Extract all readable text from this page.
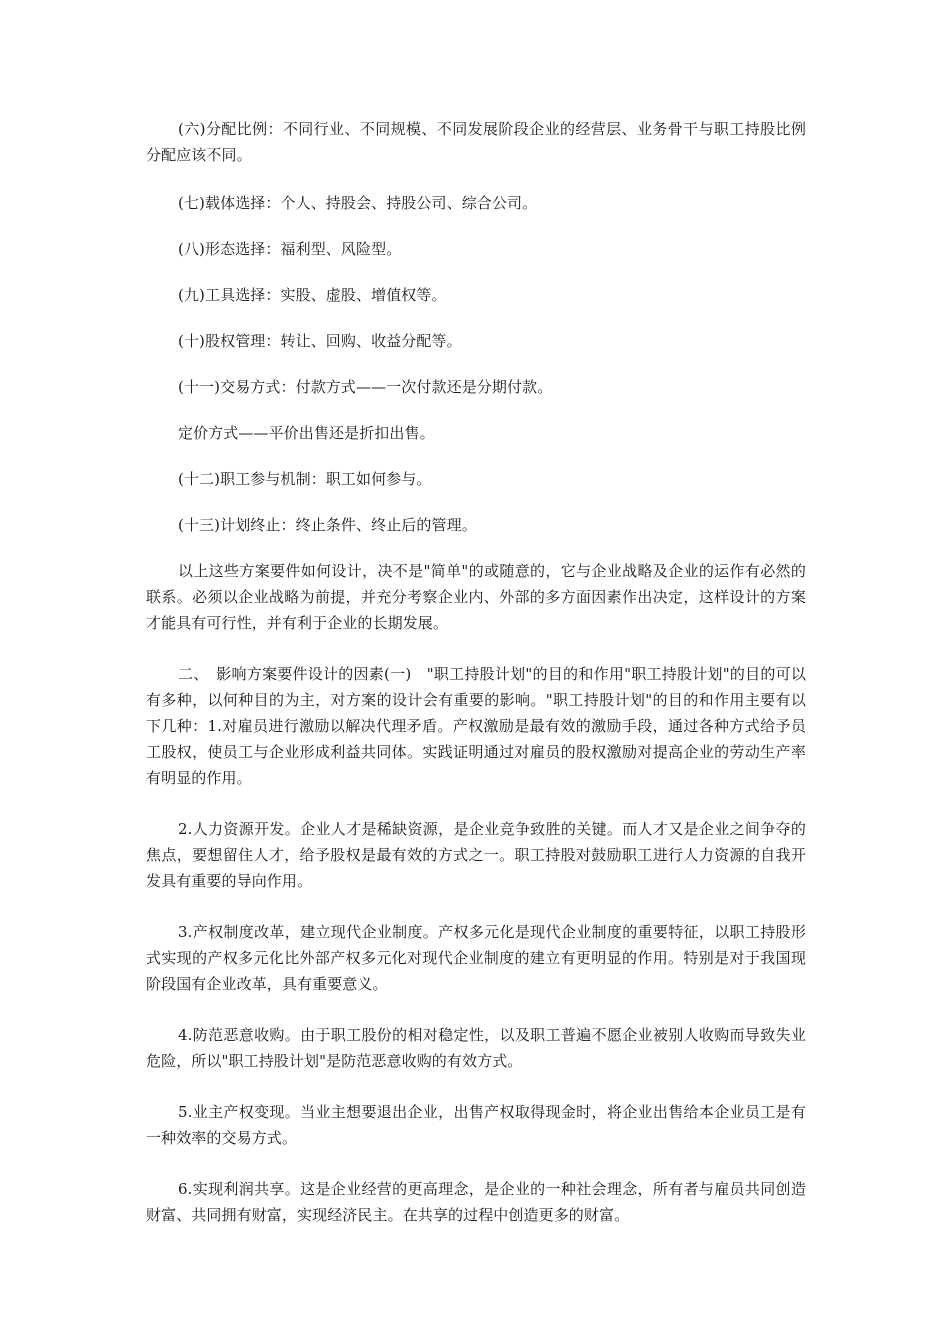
(六)分配比例：不同行业、不同规模、不同发展阶段企业的经营层、业务骨干与职工持股比例分配应该不同。

(七)载体选择：个人、持股会、持股公司、综合公司。

(八)形态选择：福利型、风险型。

(九)工具选择：实股、虚股、增值权等。

(十)股权管理：转让、回购、收益分配等。

(十一)交易方式：付款方式——一次付款还是分期付款。

定价方式——平价出售还是折扣出售。

(十二)职工参与机制：职工如何参与。

(十三)计划终止：终止条件、终止后的管理。

以上这些方案要件如何设计，决不是"简单"的或随意的，它与企业战略及企业的运作有必然的联系。必须以企业战略为前提，并充分考察企业内、外部的多方面因素作出决定，这样设计的方案才能具有可行性，并有利于企业的长期发展。

二、　影响方案要件设计的因素(一)　"职工持股计划"的目的和作用"职工持股计划"的目的可以有多种，以何种目的为主，对方案的设计会有重要的影响。"职工持股计划"的目的和作用主要有以下几种：1.对雇员进行激励以解决代理矛盾。产权激励是最有效的激励手段，通过各种方式给予员工股权，使员工与企业形成利益共同体。实践证明通过对雇员的股权激励对提高企业的劳动生产率有明显的作用。

2.人力资源开发。企业人才是稀缺资源，是企业竞争致胜的关键。而人才又是企业之间争夺的焦点，要想留住人才，给予股权是最有效的方式之一。职工持股对鼓励职工进行人力资源的自我开发具有重要的导向作用。

3.产权制度改革，建立现代企业制度。产权多元化是现代企业制度的重要特征，以职工持股形式实现的产权多元化比外部产权多元化对现代企业制度的建立有更明显的作用。特别是对于我国现阶段国有企业改革，具有重要意义。

4.防范恶意收购。由于职工股份的相对稳定性，以及职工普遍不愿企业被别人收购而导致失业危险，所以"职工持股计划"是防范恶意收购的有效方式。

5.业主产权变现。当业主想要退出企业，出售产权取得现金时，将企业出售给本企业员工是有一种效率的交易方式。

6.实现利润共享。这是企业经营的更高理念，是企业的一种社会理念，所有者与雇员共同创造财富、共同拥有财富，实现经济民主。在共享的过程中创造更多的财富。
